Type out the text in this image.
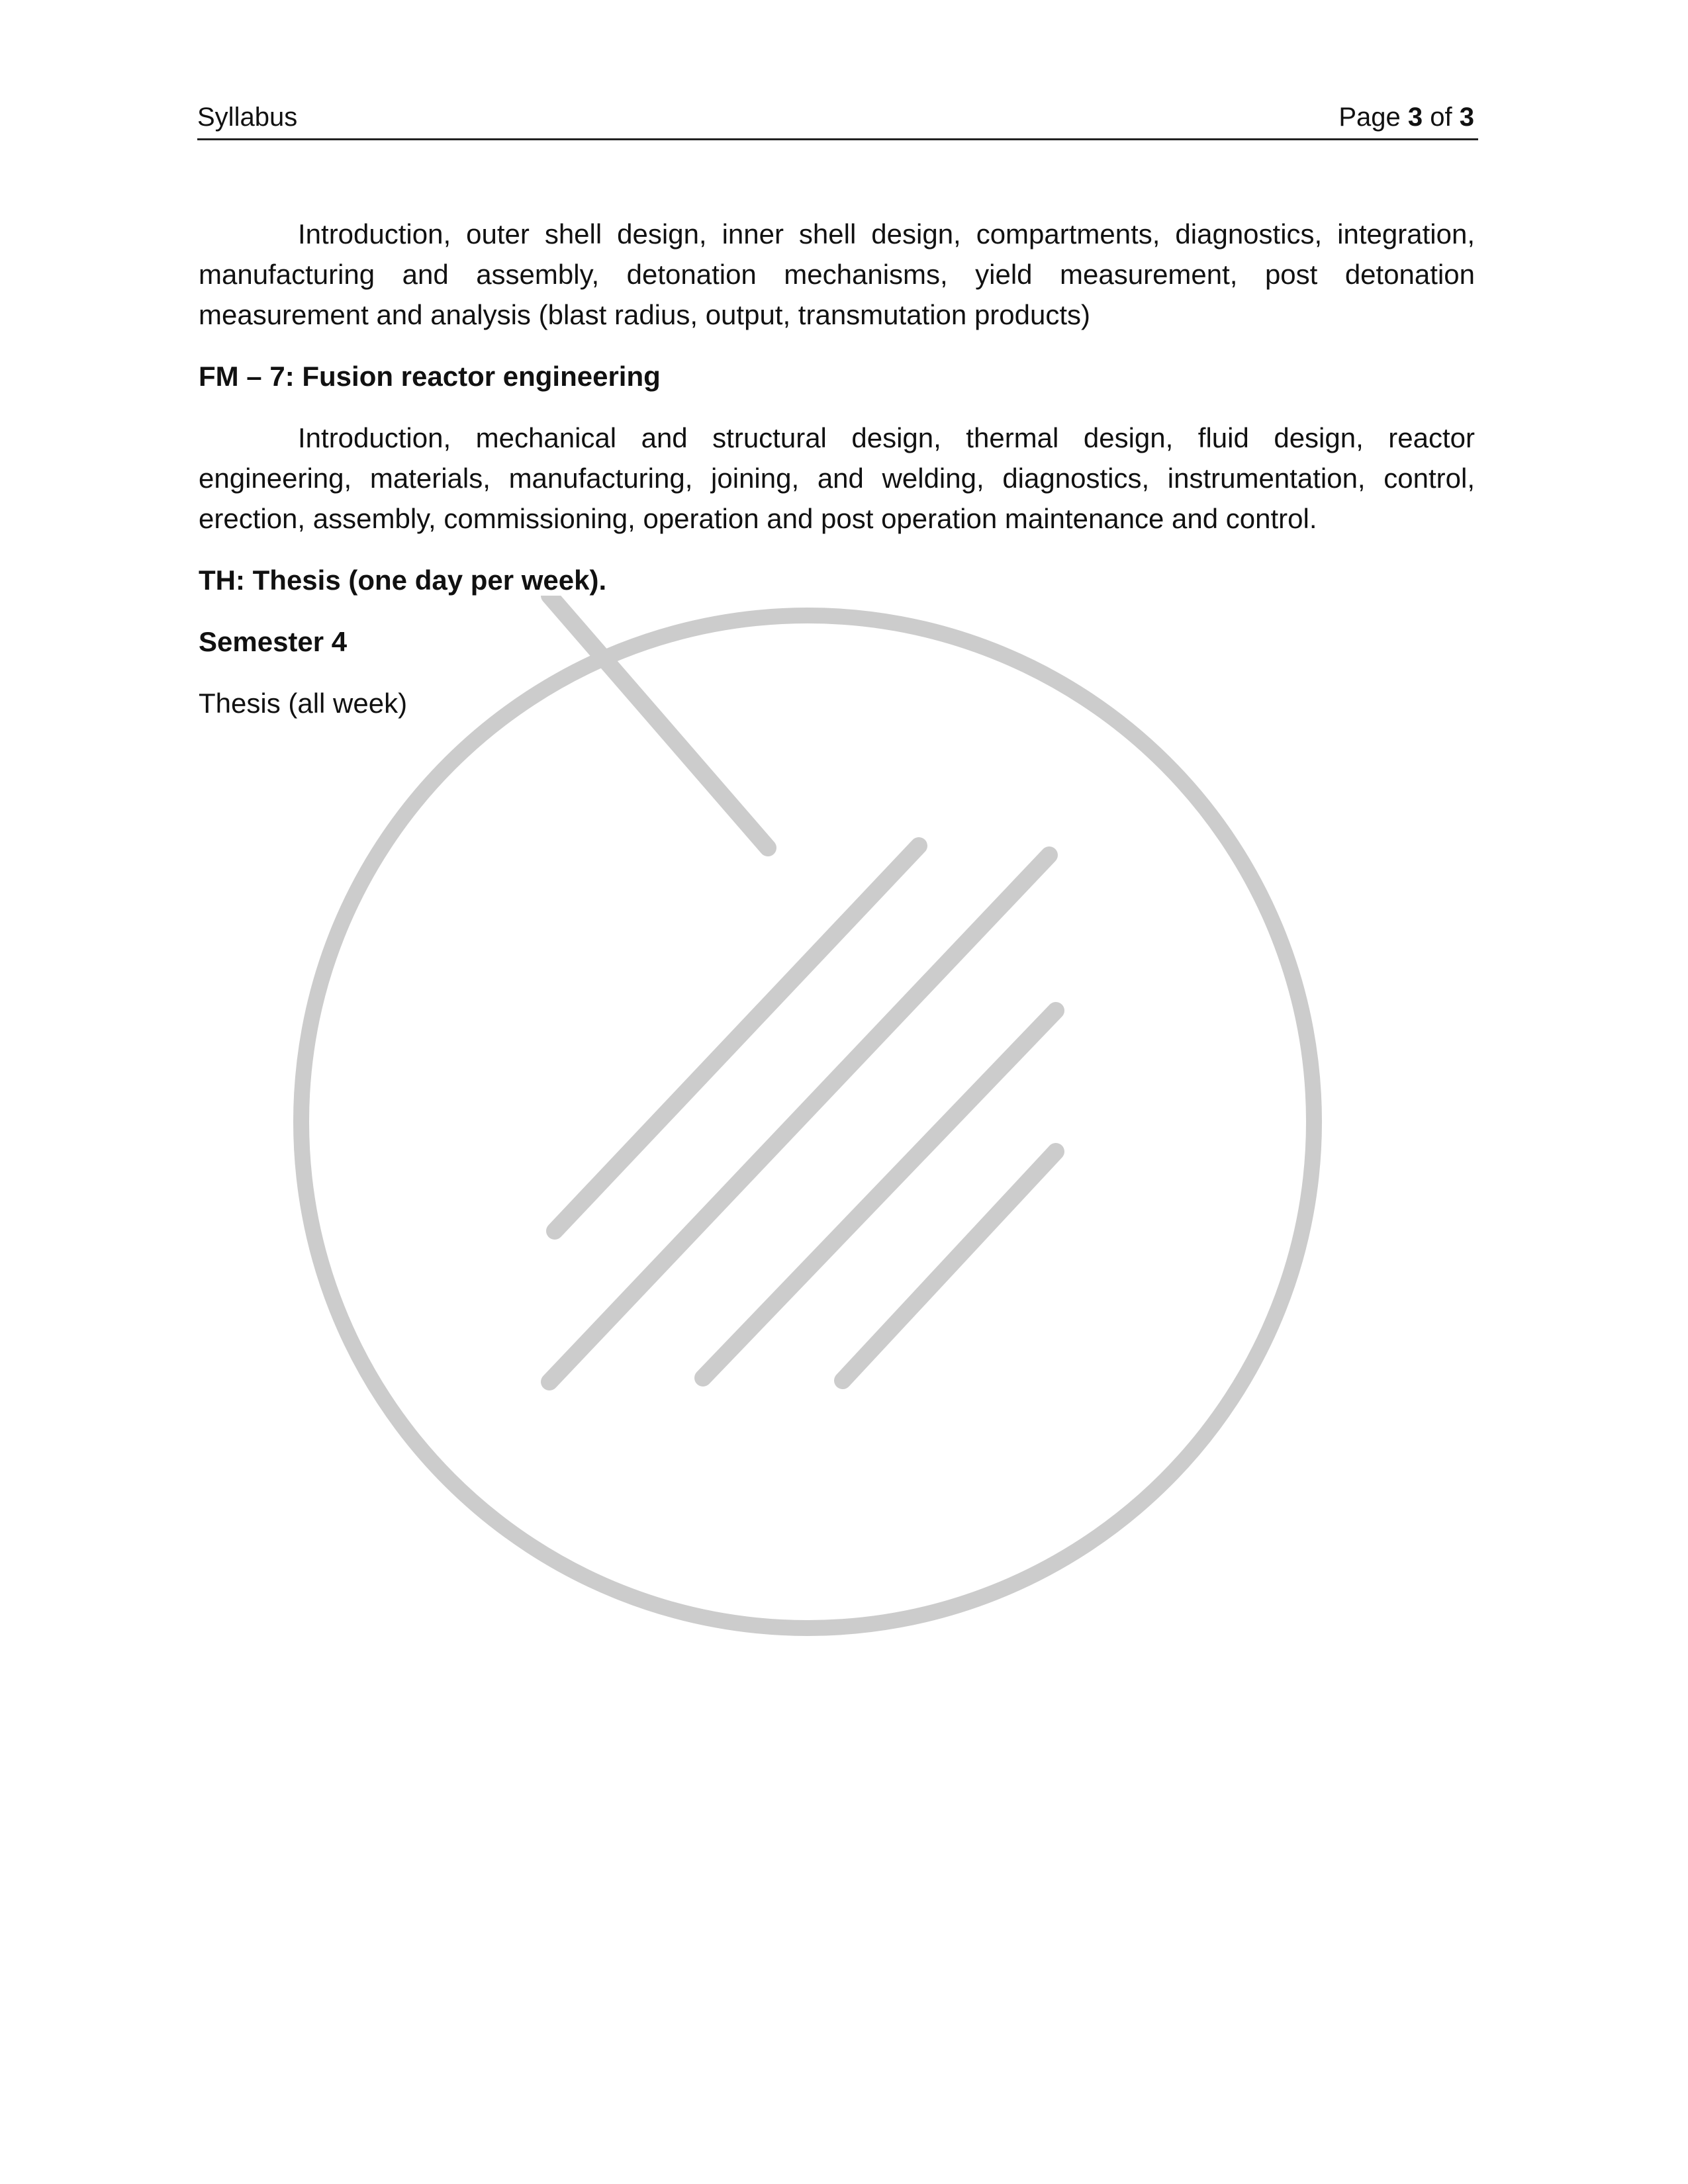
Syllabus	Page 3 of 3

Introduction, outer shell design, inner shell design, compartments, diagnostics, integration, manufacturing and assembly, detonation mechanisms, yield measurement, post detonation measurement and analysis (blast radius, output, transmutation products)

FM – 7: Fusion reactor engineering

Introduction, mechanical and structural design, thermal design, fluid design, reactor engineering, materials, manufacturing, joining, and welding, diagnostics, instrumentation, control, erection, assembly, commissioning, operation and post operation maintenance and control.

TH: Thesis (one day per week).

Semester 4

Thesis (all week)
